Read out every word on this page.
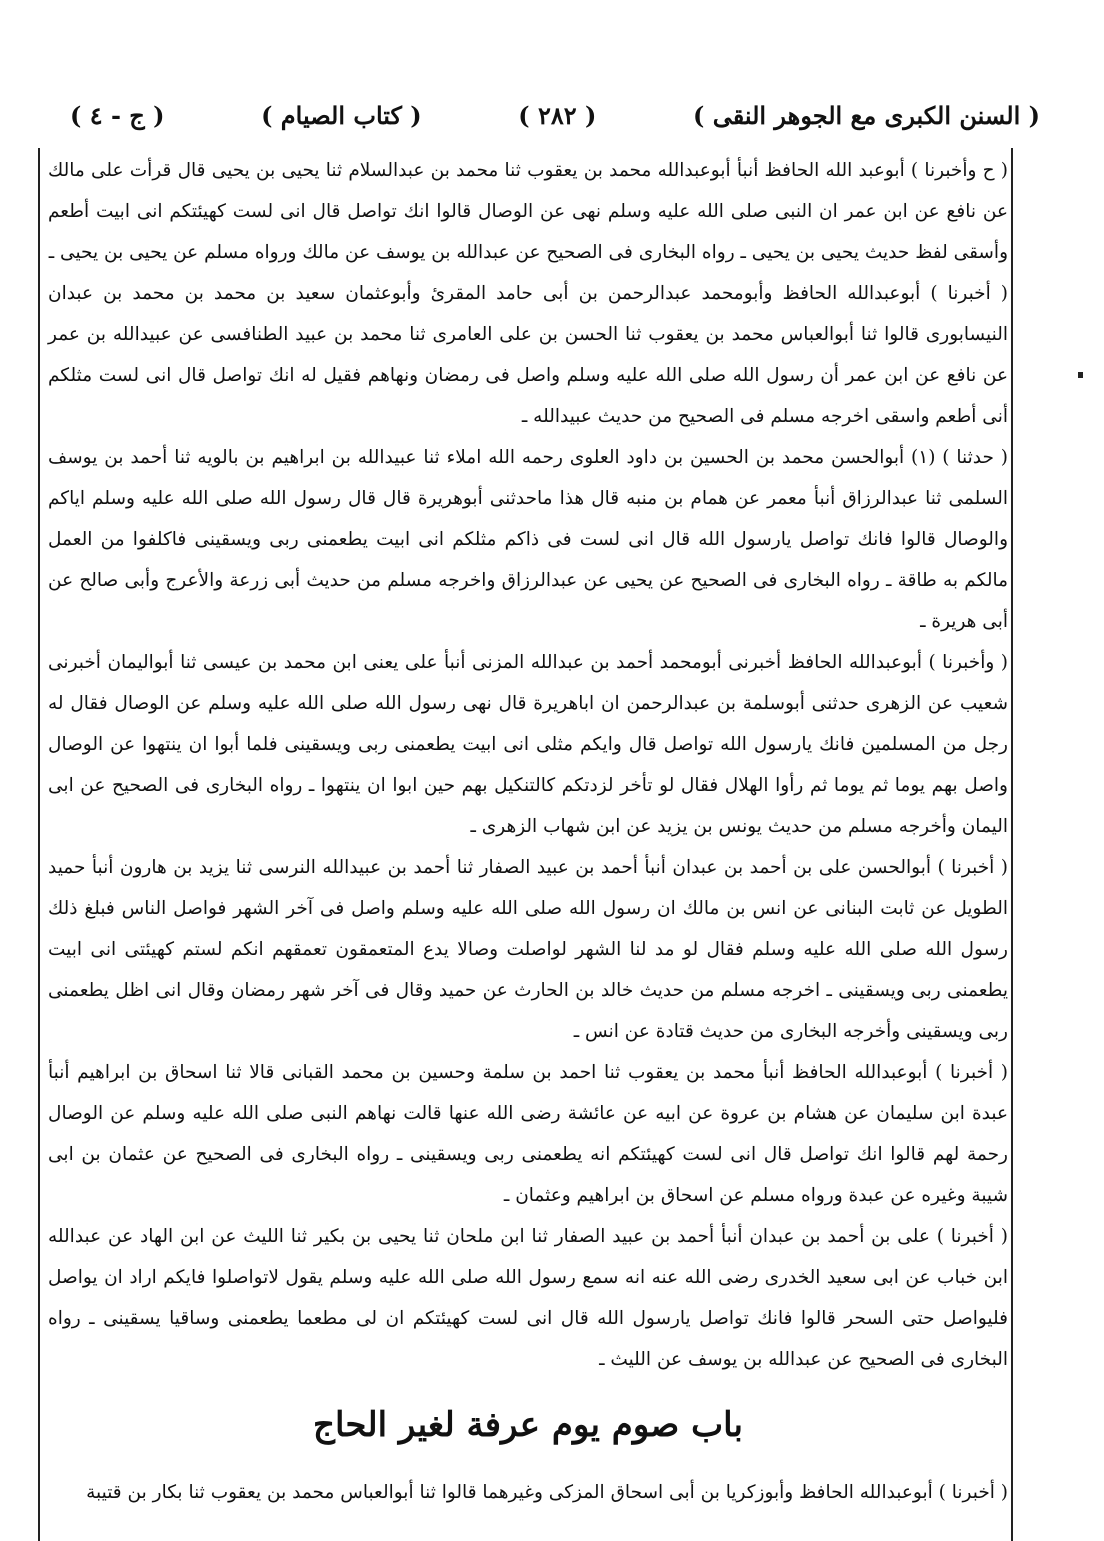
( السنن الكبرى مع الجوهر النقى )
( ٢٨٢ )
( كتاب الصيام )
( ج - ٤ )

( ح وأخبرنا ) أبوعبد الله الحافظ أنبأ أبوعبدالله محمد بن يعقوب ثنا محمد بن عبدالسلام ثنا يحيى بن يحيى قال قرأت على مالك عن نافع عن ابن عمر ان النبى صلى الله عليه وسلم نهى عن الوصال قالوا انك تواصل قال انى لست كهيئتكم انى ابيت أطعم وأسقى لفظ حديث يحيى بن يحيى ـ رواه البخارى فى الصحيح عن عبدالله بن يوسف عن مالك ورواه مسلم عن يحيى بن يحيى ـ

( أخبرنا ) أبوعبدالله الحافظ وأبومحمد عبدالرحمن بن أبى حامد المقرئ وأبوعثمان سعيد بن محمد بن محمد بن عبدان النيسابورى قالوا ثنا أبوالعباس محمد بن يعقوب ثنا الحسن بن على العامرى ثنا محمد بن عبيد الطنافسى عن عبيدالله بن عمر عن نافع عن ابن عمر أن رسول الله صلى الله عليه وسلم واصل فى رمضان ونهاهم فقيل له انك تواصل قال انى لست مثلكم أنى أطعم واسقى اخرجه مسلم فى الصحيح من حديث عبيدالله ـ

( حدثنا ) (١) أبوالحسن محمد بن الحسين بن داود العلوى رحمه الله املاء ثنا عبيدالله بن ابراهيم بن بالويه ثنا أحمد بن يوسف السلمى ثنا عبدالرزاق أنبأ معمر عن همام بن منبه قال هذا ماحدثنى أبوهريرة قال قال رسول الله صلى الله عليه وسلم اياكم والوصال قالوا فانك تواصل يارسول الله قال انى لست فى ذاكم مثلكم انى ابيت يطعمنى ربى ويسقينى فاكلفوا من العمل مالكم به طاقة ـ رواه البخارى فى الصحيح عن يحيى عن عبدالرزاق واخرجه مسلم من حديث أبى زرعة والأعرج وأبى صالح عن أبى هريرة ـ

( وأخبرنا ) أبوعبدالله الحافظ أخبرنى أبومحمد أحمد بن عبدالله المزنى أنبأ على يعنى ابن محمد بن عيسى ثنا أبواليمان أخبرنى شعيب عن الزهرى حدثنى أبوسلمة بن عبدالرحمن ان اباهريرة قال نهى رسول الله صلى الله عليه وسلم عن الوصال فقال له رجل من المسلمين فانك يارسول الله تواصل قال وايكم مثلى انى ابيت يطعمنى ربى ويسقينى فلما أبوا ان ينتهوا عن الوصال واصل بهم يوما ثم يوما ثم رأوا الهلال فقال لو تأخر لزدتكم كالتنكيل بهم حين ابوا ان ينتهوا ـ رواه البخارى فى الصحيح عن ابى اليمان وأخرجه مسلم من حديث يونس بن يزيد عن ابن شهاب الزهرى ـ

( أخبرنا ) أبوالحسن على بن أحمد بن عبدان أنبأ أحمد بن عبيد الصفار ثنا أحمد بن عبيدالله النرسى ثنا يزيد بن هارون أنبأ حميد الطويل عن ثابت البنانى عن انس بن مالك ان رسول الله صلى الله عليه وسلم واصل فى آخر الشهر فواصل الناس فبلغ ذلك رسول الله صلى الله عليه وسلم فقال لو مد لنا الشهر لواصلت وصالا يدع المتعمقون تعمقهم انكم لستم كهيئتى انى ابيت يطعمنى ربى ويسقينى ـ اخرجه مسلم من حديث خالد بن الحارث عن حميد وقال فى آخر شهر رمضان وقال انى اظل يطعمنى ربى ويسقينى وأخرجه البخارى من حديث قتادة عن انس ـ

( أخبرنا ) أبوعبدالله الحافظ أنبأ محمد بن يعقوب ثنا احمد بن سلمة وحسين بن محمد القبانى قالا ثنا اسحاق بن ابراهيم أنبأ عبدة ابن سليمان عن هشام بن عروة عن ابيه عن عائشة رضى الله عنها قالت نهاهم النبى صلى الله عليه وسلم عن الوصال رحمة لهم قالوا انك تواصل قال انى لست كهيئتكم انه يطعمنى ربى ويسقينى ـ رواه البخارى فى الصحيح عن عثمان بن ابى شيبة وغيره عن عبدة ورواه مسلم عن اسحاق بن ابراهيم وعثمان ـ

( أخبرنا ) على بن أحمد بن عبدان أنبأ أحمد بن عبيد الصفار ثنا ابن ملحان ثنا يحيى بن بكير ثنا الليث عن ابن الهاد عن عبدالله ابن خباب عن ابى سعيد الخدرى رضى الله عنه انه سمع رسول الله صلى الله عليه وسلم يقول لاتواصلوا فايكم اراد ان يواصل فليواصل حتى السحر قالوا فانك تواصل يارسول الله قال انى لست كهيئتكم ان لى مطعما يطعمنى وساقيا يسقينى ـ رواه البخارى فى الصحيح عن عبدالله بن يوسف عن الليث ـ

باب صوم يوم عرفة لغير الحاج
( أخبرنا ) أبوعبدالله الحافظ وأبوزكريا بن أبى اسحاق المزكى وغيرهما قالوا ثنا أبوالعباس محمد بن يعقوب ثنا بكار بن قتيبة
